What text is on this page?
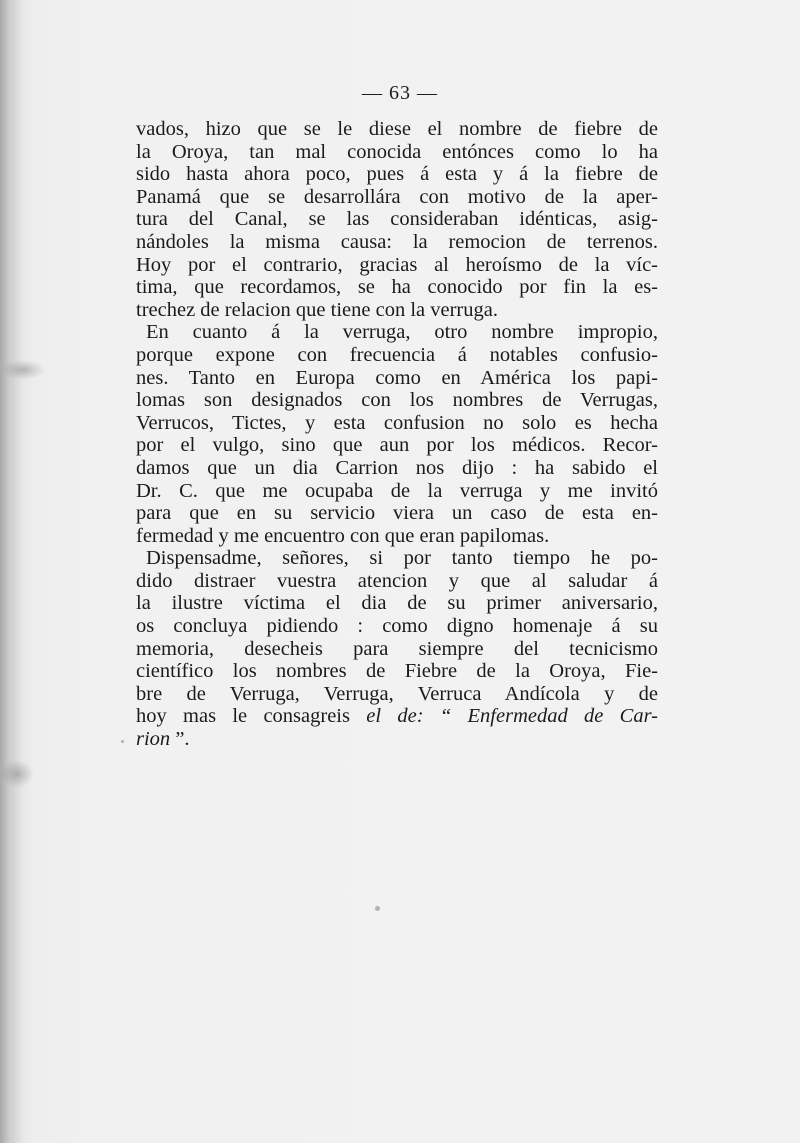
— 63 —
vados, hizo que se le diese el nombre de fiebre de
la Oroya, tan mal conocida entónces como lo ha
sido hasta ahora poco, pues á esta y á la fiebre de
Panamá que se desarrollára con motivo de la aper-
tura del Canal, se las consideraban idénticas, asig-
nándoles la misma causa: la remocion de terrenos.
Hoy por el contrario, gracias al heroísmo de la víc-
tima, que recordamos, se ha conocido por fin la es-
trechez de relacion que tiene con la verruga.
En cuanto á la verruga, otro nombre impropio,
porque expone con frecuencia á notables confusio-
nes. Tanto en Europa como en América los papi-
lomas son designados con los nombres de Verrugas,
Verrucos, Tictes, y esta confusion no solo es hecha
por el vulgo, sino que aun por los médicos. Recor-
damos que un dia Carrion nos dijo : ha sabido el
Dr. C. que me ocupaba de la verruga y me invitó
para que en su servicio viera un caso de esta en-
fermedad y me encuentro con que eran papilomas.
Dispensadme, señores, si por tanto tiempo he po-
dido distraer vuestra atencion y que al saludar á
la ilustre víctima el dia de su primer aniversario,
os concluya pidiendo : como digno homenaje á su
memoria, desecheis para siempre del tecnicismo
científico los nombres de Fiebre de la Oroya, Fie-
bre de Verruga, Verruga, Verruca Andícola y de
hoy mas le consagreis el de: “ Enfermedad de Car-
rion ”.
